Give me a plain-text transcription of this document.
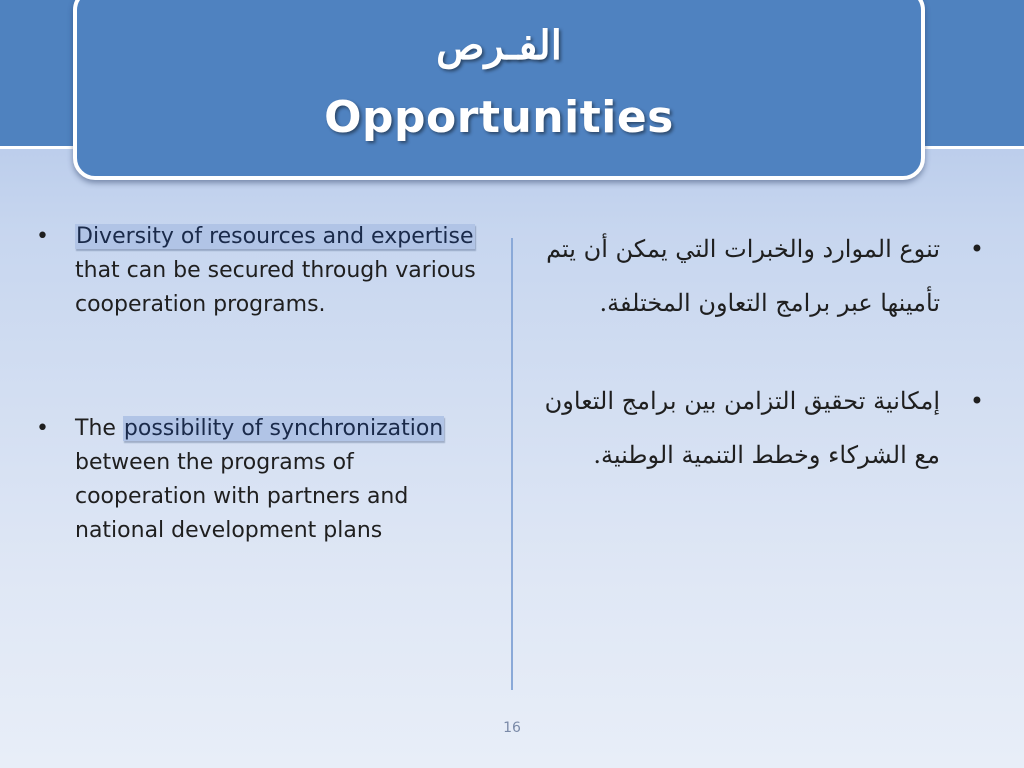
الفـرص
Opportunities
• Diversity of resources and expertise that can be secured through various cooperation programs.
• The possibility of synchronization between the programs of cooperation with partners and national development plans
•
تنوع الموارد والخبرات التي يمكن أن يتم تأمينها عبر برامج التعاون المختلفة.
•
إمكانية تحقيق التزامن بين برامج التعاون مع الشركاء وخطط التنمية الوطنية.
16
